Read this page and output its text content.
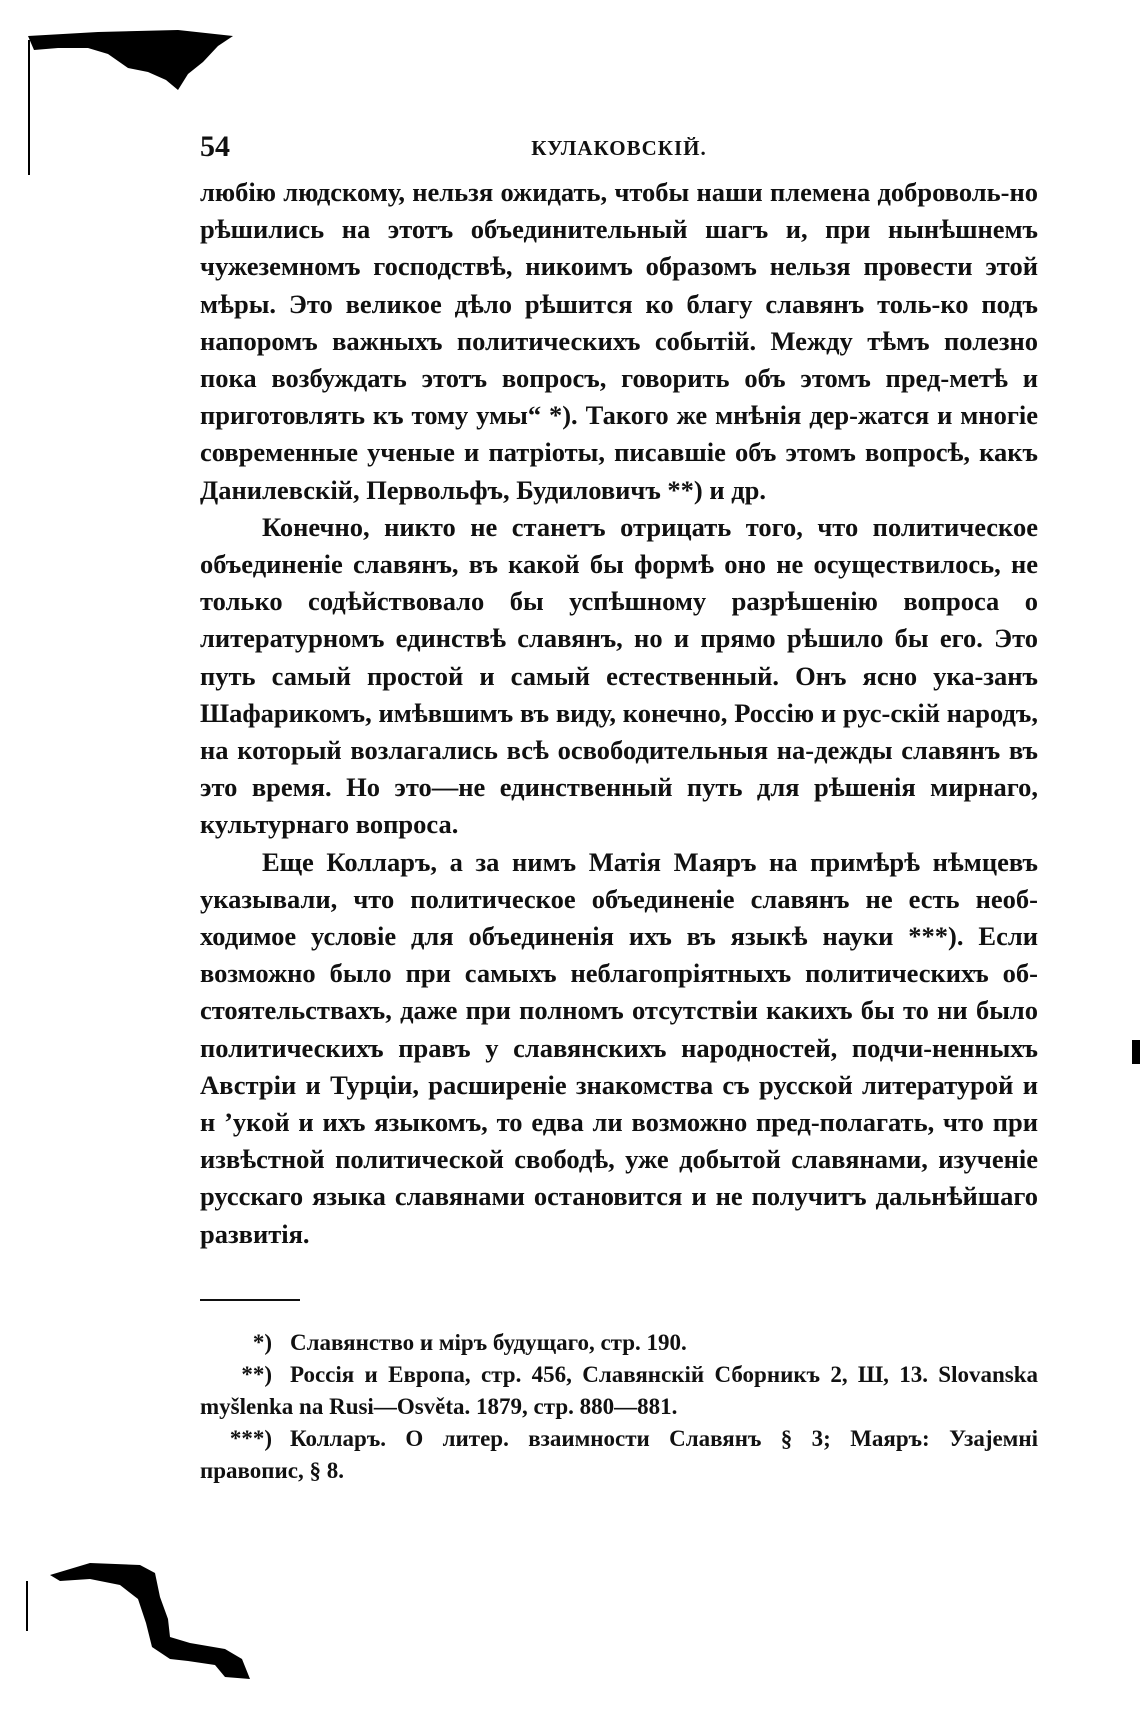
54	КУЛАКОВСКIЙ.

любiю людскому, нельзя ожидать, чтобы наши племена доброволь-но рѣшились на этотъ объединительный шагъ и, при нынѣшнемъ чужеземномъ господствѣ, никоимъ образомъ нельзя провести этой мѣры. Это великое дѣло рѣшится ко благу славянъ толь-ко подъ напоромъ важныхъ политическихъ событiй. Между тѣмъ полезно пока возбуждать этотъ вопросъ, говорить объ этомъ пред-метѣ и приготовлять къ тому умы“ *). Такого же мнѣнiя дер-жатся и многiе современные ученые и патрiоты, писавшiе объ этомъ вопросѣ, какъ Данилевскiй, Первольфъ, Будиловичъ **) и др.

Конечно, никто не станетъ отрицать того, что политическое объединенiе славянъ, въ какой бы формѣ оно не осуществилось, не только содѣйствовало бы успѣшному разрѣшенiю вопроса о литературномъ единствѣ славянъ, но и прямо рѣшило бы его. Это путь самый простой и самый естественный. Онъ ясно ука-занъ Шафарикомъ, имѣвшимъ въ виду, конечно, Россiю и рус-скiй народъ, на который возлагались всѣ освободительныя на-дежды славянъ въ это время. Но это—не единственный путь для рѣшенiя мирнаго, культурнаго вопроса.

Еще Колларъ, а за нимъ Матiя Маяръ на примѣрѣ нѣмцевъ указывали, что политическое объединенiе славянъ не есть необ-ходимое условiе для объединенiя ихъ въ языкѣ науки ***). Если возможно было при самыхъ неблагопрiятныхъ политическихъ об-стоятельствахъ, даже при полномъ отсутствiи какихъ бы то ни было политическихъ правъ у славянскихъ народностей, подчи-ненныхъ Австрiи и Турцiи, расширенiе знакомства съ русской литературой и н ’укой и ихъ языкомъ, то едва ли возможно пред-полагать, что при извѣстной политической свободѣ, уже добытой славянами, изученiе русскаго языка славянами остановится и не получитъ дальнѣйшаго развитiя.

*) Славянство и мiръ будущаго, стр. 190.

**) Россiя и Европа, стр. 456, Славянскiй Сборникъ 2, Ш, 13. Slovanska myšlenka na Rusi—Osvěta. 1879, стр. 880—881.

***) Колларъ. О литер. взаимности Славянъ § 3; Маяръ: Узајемнi правопис, § 8.
